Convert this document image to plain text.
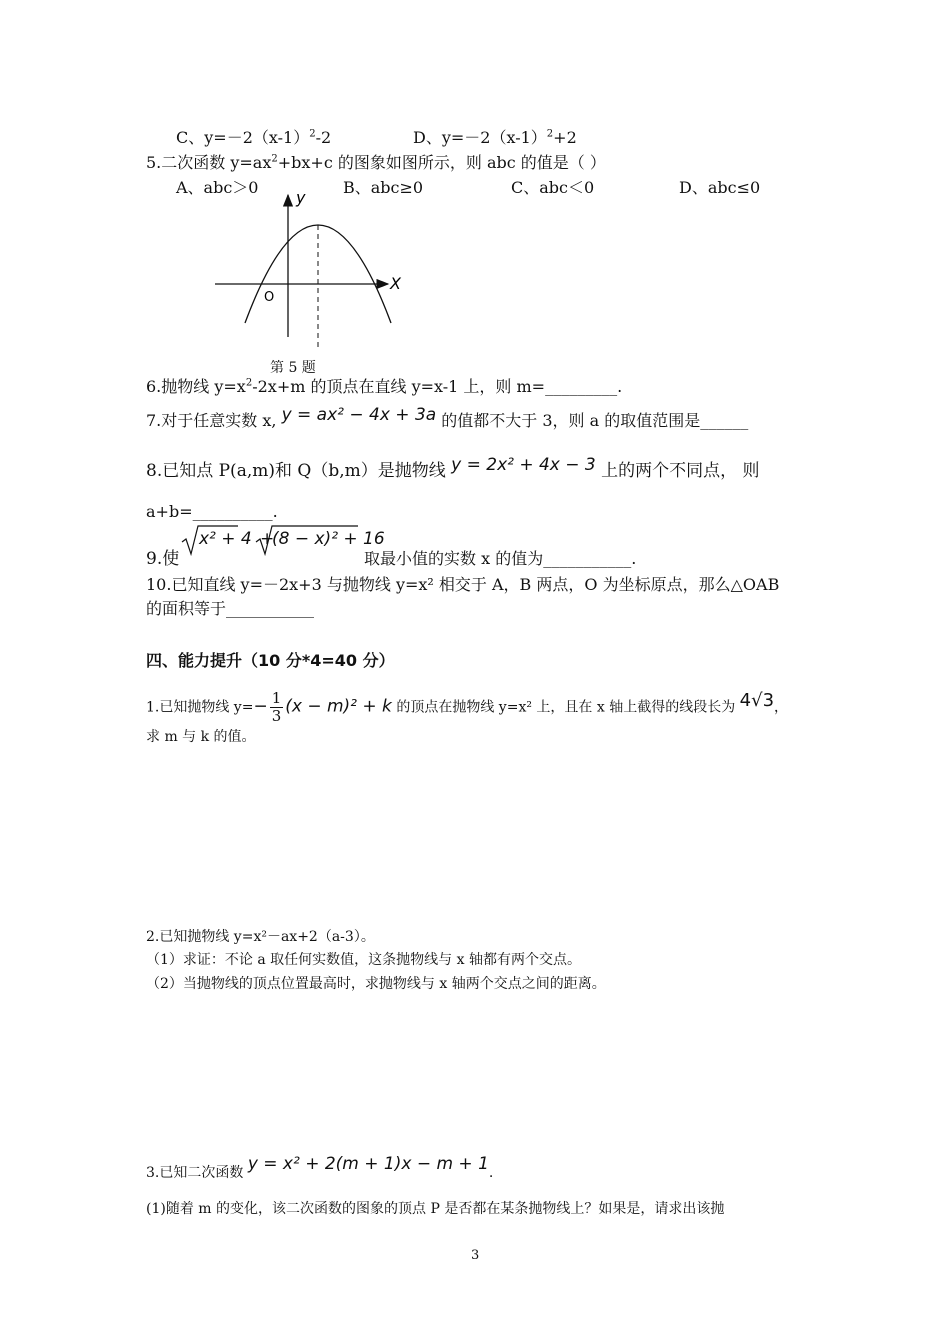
C、$y=-2(x-1)^2-2$	D、$y=-2(x-1)^2+2$
5.二次函数 $y=ax^2+bx+c$ 的图象如图所示，则 abc 的值是（ ）
A、abc＞0	B、abc≥0	C、abc＜0	D、abc≤0
y
X
O
第 5 题
6.抛物线 $y=x^2-2x+m$ 的顶点在直线 y=x-1 上，则 m=_________.
7.对于任意实数 x, y = ax² − 4x + 3a 的值都不大于 3，则 a 的取值范围是______
8.已知点 P(a,m)和 Q（b,m）是抛物线 y = 2x² + 4x − 3 上的两个不同点， 则
a+b=__________.
9.使
x² + 4 +
(8 − x)² + 16
取最小值的实数 x 的值为___________.
10.已知直线 y=－2x+3 与抛物线 y=x² 相交于 A，B 两点，O 为坐标原点，那么△OAB
的面积等于___________
四、能力提升（10 分*4=40 分）
1.已知抛物线 $y=- \frac{1}{3} (x - m)^2 + k$ 的顶点在抛物线 y=x² 上，且在 x 轴上截得的线段长为 4√3，
求 m 与 k 的值。
2.已知抛物线 y=x²－ax+2（a-3）。
（1）求证：不论 a 取任何实数值，这条抛物线与 x 轴都有两个交点。
（2）当抛物线的顶点位置最高时，求抛物线与 x 轴两个交点之间的距离。
3.已知二次函数 y = x² + 2(m + 1)x − m + 1.
(1)随着 m 的变化，该二次函数的图象的顶点 P 是否都在某条抛物线上？如果是，请求出该抛
3
